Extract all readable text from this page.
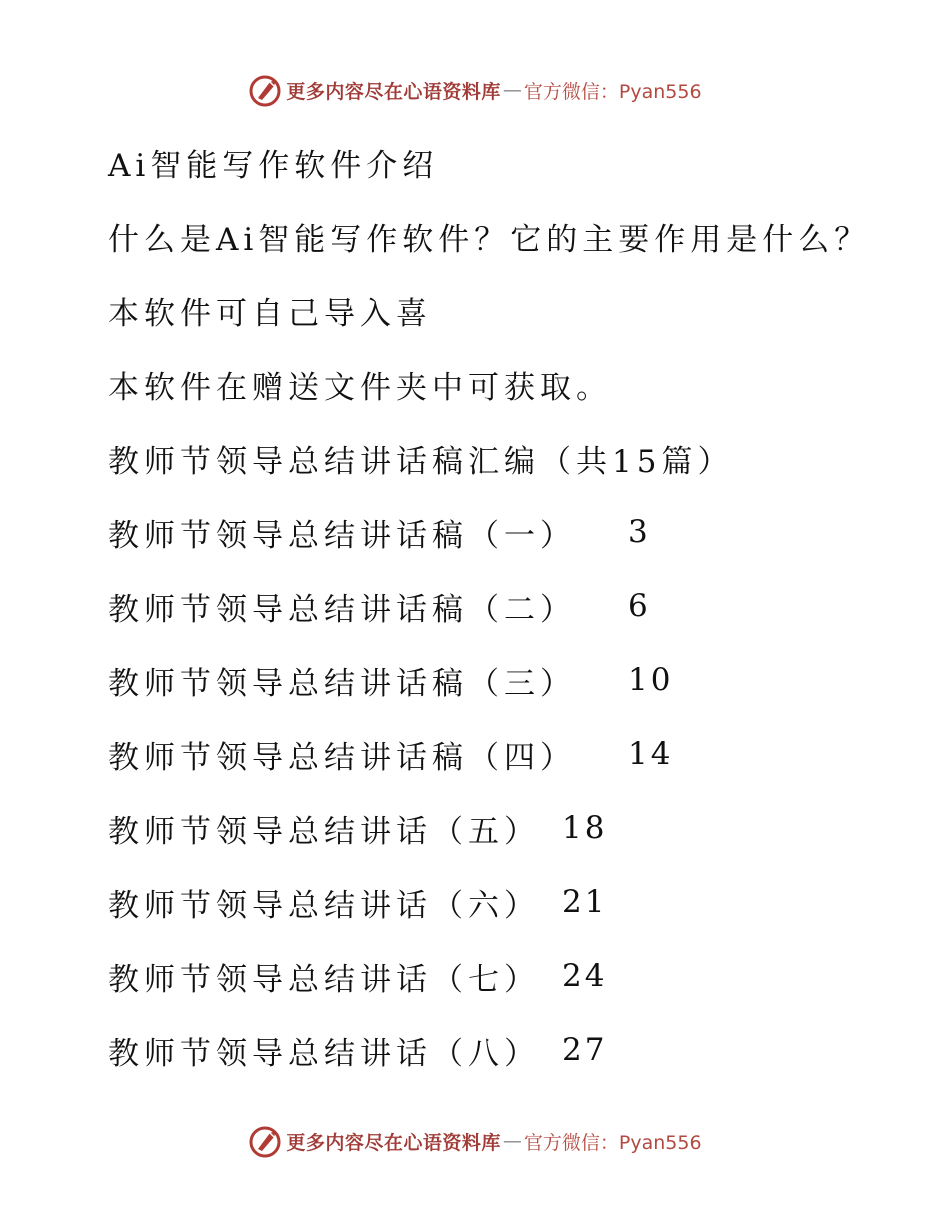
更多内容尽在心语资料库 — 官方微信：Pyan556
Ai智能写作软件介绍
什么是Ai智能写作软件？它的主要作用是什么？
本软件可自己导入喜
本软件在赠送文件夹中可获取。
教师节领导总结讲话稿汇编（共15篇）
教师节领导总结讲话稿（一） 3
教师节领导总结讲话稿（二） 6
教师节领导总结讲话稿（三） 10
教师节领导总结讲话稿（四） 14
教师节领导总结讲话（五） 18
教师节领导总结讲话（六） 21
教师节领导总结讲话（七） 24
教师节领导总结讲话（八） 27
更多内容尽在心语资料库 — 官方微信：Pyan556
